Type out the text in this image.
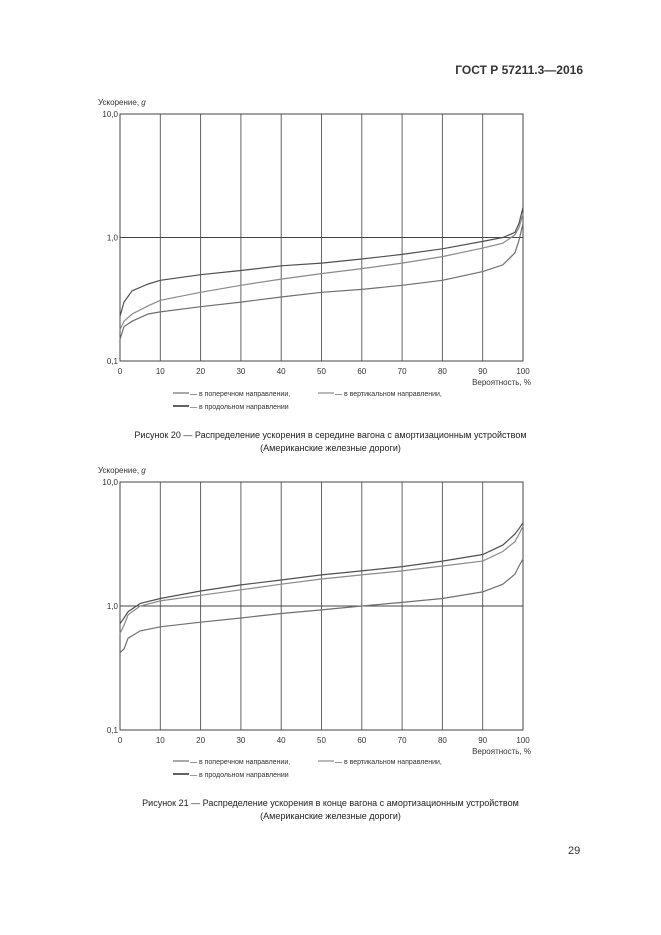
ГОСТ Р 57211.3—2016
Ускорение, g
0	10	20	30	40	50	60	70	80	90	100
10,0
1,0
0,1
Вероятность, %
— в поперечном направлении,	— в вертикальном направлении,
— в продольном направлении
Рисунок 20 — Распределение ускорения в середине вагона с амортизационным устройством
(Американские железные дороги)
Ускорение, g
0	10	20	30	40	50	60	70	80	90	100
10,0
1,0
0,1
Вероятность, %
— в поперечном направлении,	— в вертикальном направлении,
— в продольном направлении
Рисунок 21 — Распределение ускорения в конце вагона с амортизационным устройством
(Американские железные дороги)
29
